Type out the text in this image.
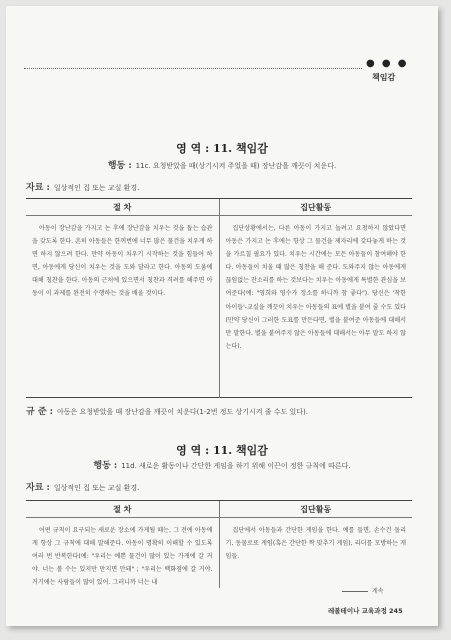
● ● ●
책임감
영 역 : 11. 책임감
행동 : 11c. 요청받았을 때(상기시켜 주었을 때) 장난감을 깨끗이 치운다.
자료 : 일상적인 집 또는 교실 환경.
절 차	집단활동

아동이 장난감을 가지고 논 후에 장난감을 치우는 것을 돕는 습관을 갖도록 한다. 흔히 아동들은 한꺼번에 너무 많은 물건을 치우게 하면 하지 않으려 한다. 만약 아동이 치우기 시작하는 것을 힘들어 하면, 아동에게 당신이 치우는 것을 도와 달라고 한다. 아동의 도움에 대해 칭찬을 한다. 아동의 근처에 있으면서 칭찬과 격려를 해주면 아동이 이 과제를 완전히 수행하는 것을 배울 것이다.

집단상황에서는, 다른 아동이 가지고 놀려고 요청하지 않았다면 아동은 가지고 논 후에는 항상 그 물건을 제자리에 갖다놓게 하는 것을 가르칠 필요가 있다. 치우는 시간에는 모든 아동들이 참여해야 한다. 아동들이 치울 때 많은 칭찬을 해 준다. 도와주지 않는 아동에게 끊임없는 잔소리를 하는 것보다는 치우는 아동에게 특별한 관심을 보여준다(예: "영희와 영수가 정소를 하니까 참 좋다"). 당신은 '착한 아이들'-교실을 깨끗이 치우는 아동들의 표에 별을 붙여 줄 수도 있다(만약 당신이 그러한 도표를 만든다면, 별을 붙여준 아동들에 대해서만 말한다. 별을 붙여주지 않은 아동들에 대해서는 아무 말도 하지 않는다).

규 준 : 아동은 요청받았을 때 장난감을 깨끗이 치운다(1-2번 정도 상기시켜 줄 수도 있다).
영 역 : 11. 책임감
행동 : 11d. 새로운 활동이나 간단한 게임을 하기 위해 이끈이 정한 규칙에 따른다.
자료 : 일상적인 집 또는 교실 환경.
절 차	집단활동

어떤 규칙이 요구되는 새로운 장소에 가게될 때는, 그 전에 아동에게 항상 그 규칙에 대해 말해준다. 아동이 명확히 이해할 수 있도록 여러 번 반복한다(예: "우리는 예쁜 물건이 많이 있는 가게에 갈 거야. 너는 볼 수는 있지만 만지면 안돼" ; "우리는 백화점에 갈 거야. 거기에는 사람들이 많이 있어. 그러니까 너는 내

집단에서 아동들과 간단한 게임을 한다. 예를 들면, 손수건 돌리기, 동물로또 게임(혹은 간단한 짝 맞추기 게임), 리더를 모방하는 게임들.

계속
레볼테이나 교육과정 245
